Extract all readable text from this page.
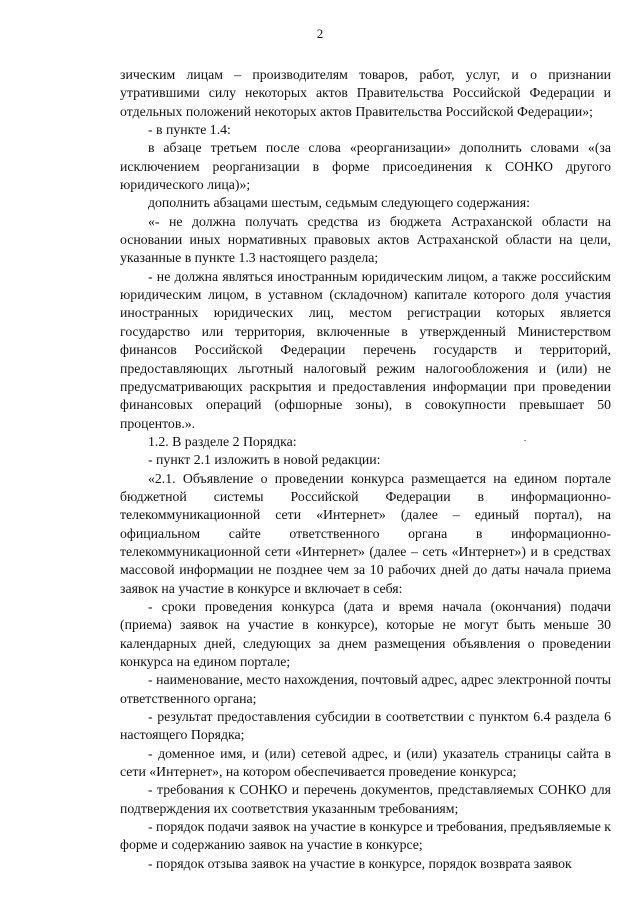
2

зическим лицам – производителям товаров, работ, услуг, и о признании утратившими силу некоторых актов Правительства Российской Федерации и отдельных положений некоторых актов Правительства Российской Федерации»;

- в пункте 1.4:

в абзаце третьем после слова «реорганизации» дополнить словами «(за исключением реорганизации в форме присоединения к СОНКО другого юридического лица)»;

дополнить абзацами шестым, седьмым следующего содержания:

«- не должна получать средства из бюджета Астраханской области на основании иных нормативных правовых актов Астраханской области на цели, указанные в пункте 1.3 настоящего раздела;

- не должна являться иностранным юридическим лицом, а также российским юридическим лицом, в уставном (складочном) капитале которого доля участия иностранных юридических лиц, местом регистрации которых является государство или территория, включенные в утвержденный Министерством финансов Российской Федерации перечень государств и территорий, предоставляющих льготный налоговый режим налогообложения и (или) не предусматривающих раскрытия и предоставления информации при проведении финансовых операций (офшорные зоны), в совокупности превышает 50 процентов.».

1.2. В разделе 2 Порядка:

- пункт 2.1 изложить в новой редакции:

«2.1. Объявление о проведении конкурса размещается на едином портале бюджетной системы Российской Федерации в информационно-телекоммуникационной сети «Интернет» (далее – единый портал), на официальном сайте ответственного органа в информационно-телекоммуникационной сети «Интернет» (далее – сеть «Интернет») и в средствах массовой информации не позднее чем за 10 рабочих дней до даты начала приема заявок на участие в конкурсе и включает в себя:

- сроки проведения конкурса (дата и время начала (окончания) подачи (приема) заявок на участие в конкурсе), которые не могут быть меньше 30 календарных дней, следующих за днем размещения объявления о проведении конкурса на едином портале;

- наименование, место нахождения, почтовый адрес, адрес электронной почты ответственного органа;

- результат предоставления субсидии в соответствии с пунктом 6.4 раздела 6 настоящего Порядка;

- доменное имя, и (или) сетевой адрес, и (или) указатель страницы сайта в сети «Интернет», на котором обеспечивается проведение конкурса;

- требования к СОНКО и перечень документов, представляемых СОНКО для подтверждения их соответствия указанным требованиям;

- порядок подачи заявок на участие в конкурсе и требования, предъявляемые к форме и содержанию заявок на участие в конкурсе;

- порядок отзыва заявок на участие в конкурсе, порядок возврата заявок
